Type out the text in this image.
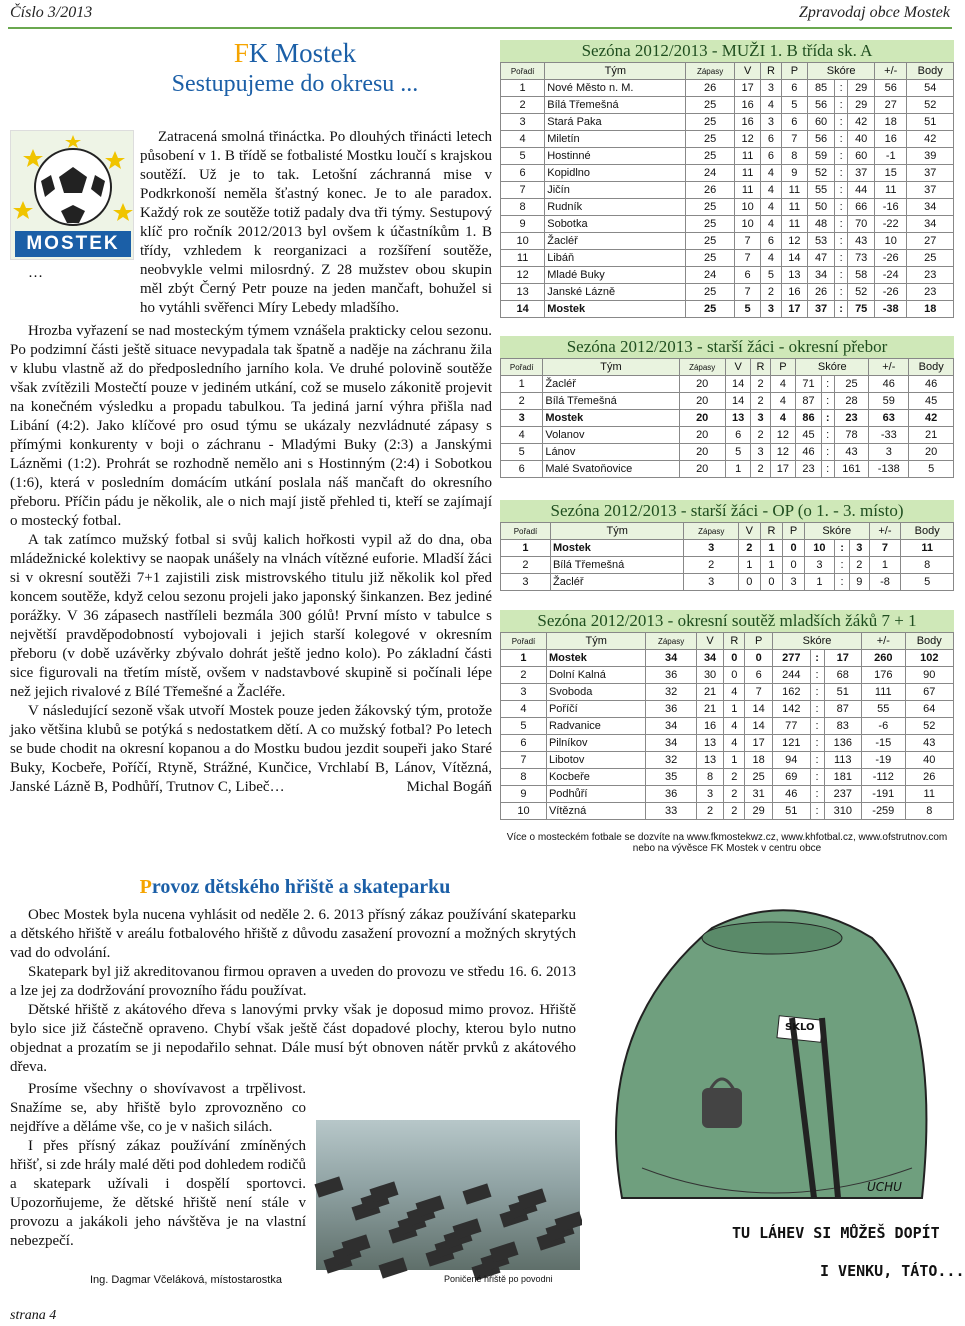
Číslo 3/2013	Zpravodaj obce Mostek
FK Mostek
Sestupujeme do okresu ...
MOSTEK

Zatracená smolná třináctka. Po dlouhých třinácti letech působení v 1. B třídě se fotbalisté Mostku loučí s krajskou soutěží. Už je to tak. Letošní záchranná mise v Podkrkonoší neměla šťastný konec. Je to ale paradox. Každý rok ze soutěže totiž padaly dva tři týmy. Sestupový klíč pro ročník 2012/2013 byl ovšem k účastníkům 1. B třídy, vzhledem k reorganizaci a rozšíření soutěže, neobvykle velmi milosrdný. Z 28 mužstev obou skupin měl zbýt Černý Petr pouze na jeden mančaft, bohužel si ho vytáhli svěřenci Míry Lebedy mladšího.

…

Hrozba vyřazení se nad mosteckým týmem vznášela prakticky celou sezonu. Po podzimní části ještě situace nevypadala tak špatně a naděje na záchranu žila v klubu vlastně až do předposledního jarního kola. Ve druhé polovině soutěže však zvítězili Mostečtí pouze v jediném utkání, což se muselo zákonitě projevit na konečném výsledku a propadu tabulkou. Ta jediná jarní výhra přišla nad Libání (4:2). Jako klíčové pro osud týmu se ukázaly nezvládnuté zápasy s přímými konkurenty v boji o záchranu - Mladými Buky (2:3) a Janskými Lázněmi (1:2). Prohrát se rozhodně nemělo ani s Hostinným (2:4) i Sobotkou (1:6), která v posledním domácím utkání poslala náš mančaft do okresního přeboru. Příčin pádu je několik, ale o nich mají jistě přehled ti, kteří se zajímají o mostecký fotbal.

A tak zatímco mužský fotbal si svůj kalich hořkosti vypil až do dna, oba mládežnické kolektivy se naopak unášely na vlnách vítězné euforie. Mladší žáci si v okresní soutěži 7+1 zajistili zisk mistrovského titulu již několik kol před koncem soutěže, když celou sezonu projeli jako japonský šinkanzen. Bez jediné porážky. V 36 zápasech nastříleli bezmála 300 gólů! První místo v tabulce s největší pravděpodobností vybojovali i jejich starší kolegové v okresním přeboru (v době uzávěrky zbývalo dohrát ještě jedno kolo). Po základní části sice figurovali na třetím místě, ovšem v nadstavbové skupině si počínali lépe než jejich rivalové z Bílé Třemešné a Žacléře.

V následující sezoně však utvoří Mostek pouze jeden žákovský tým, protože jako většina klubů se potýká s nedostatkem dětí. A co mužský fotbal? Po letech se bude chodit na okresní kopanou a do Mostku budou jezdit soupeři jako Staré Buky, Kocbeře, Poříčí, Rtyně, Strážné, Kunčice, Vrchlabí B, Lánov, Vítězná, Janské Lázně B, Podhůří, Trutnov C, Libeč…	Michal Bogáň
Sezóna 2012/2013 - MUŽI 1. B třída sk. A
Pořadí	Tým	Zápasy	V	R	P	Skóre			+/-	Body
1	Nové Město n. M.	26	17	3	6	85	:	29	56	54
2	Bílá Třemešná	25	16	4	5	56	:	29	27	52
3	Stará Paka	25	16	3	6	60	:	42	18	51
4	Miletín	25	12	6	7	56	:	40	16	42
5	Hostinné	25	11	6	8	59	:	60	-1	39
6	Kopidlno	24	11	4	9	52	:	37	15	37
7	Jičín	26	11	4	11	55	:	44	11	37
8	Rudník	25	10	4	11	50	:	66	-16	34
9	Sobotka	25	10	4	11	48	:	70	-22	34
10	Žacléř	25	7	6	12	53	:	43	10	27
11	Libáň	25	7	4	14	47	:	73	-26	25
12	Mladé Buky	24	6	5	13	34	:	58	-24	23
13	Janské Lázně	25	7	2	16	26	:	52	-26	23
14	Mostek	25	5	3	17	37	:	75	-38	18
Sezóna 2012/2013 - starší žáci - okresní přebor
Pořadí	Tým	Zápasy	V	R	P	Skóre			+/-	Body
1	Žacléř	20	14	2	4	71	:	25	46	46
2	Bílá Třemešná	20	14	2	4	87	:	28	59	45
3	Mostek	20	13	3	4	86	:	23	63	42
4	Volanov	20	6	2	12	45	:	78	-33	21
5	Lánov	20	5	3	12	46	:	43	3	20
6	Malé Svatoňovice	20	1	2	17	23	:	161	-138	5
Sezóna 2012/2013 - starší žáci - OP (o 1. - 3. místo)
Pořadí	Tým	Zápasy	V	R	P	Skóre			+/-	Body
1	Mostek	3	2	1	0	10	:	3	7	11
2	Bílá Třemešná	2	1	1	0	3	:	2	1	8
3	Žacléř	3	0	0	3	1	:	9	-8	5
Sezóna 2012/2013 - okresní soutěž mladších žáků 7 + 1
Pořadí	Tým	Zápasy	V	R	P	Skóre			+/-	Body
1	Mostek	34	34	0	0	277	:	17	260	102
2	Dolní Kalná	36	30	0	6	244	:	68	176	90
3	Svoboda	32	21	4	7	162	:	51	111	67
4	Poříčí	36	21	1	14	142	:	87	55	64
5	Radvanice	34	16	4	14	77	:	83	-6	52
6	Pilníkov	34	13	4	17	121	:	136	-15	43
7	Libotov	32	13	1	18	94	:	113	-19	40
8	Kocbeře	35	8	2	25	69	:	181	-112	26
9	Podhůří	36	3	2	31	46	:	237	-191	11
10	Vítězná	33	2	2	29	51	:	310	-259	8
Více o mosteckém fotbale se dozvíte na www.fkmostekwz.cz, www.khfotbal.cz, www.ofstrutnov.com nebo na vývěsce FK Mostek v centru obce
Provoz dětského hřiště a skateparku

Obec Mostek byla nucena vyhlásit od neděle 2. 6. 2013 přísný zákaz používání skateparku a dětského hřiště v areálu fotbalového hřiště z důvodu zasažení provozní a možných skrytých vad do odvolání.

Skatepark byl již akreditovanou firmou opraven a uveden do provozu ve středu 16. 6. 2013 a lze jej za dodržování provozního řádu používat.

Dětské hřiště z akátového dřeva s lanovými prvky však je doposud mimo provoz. Hřiště bylo sice již částečně opraveno. Chybí však ještě část dopadové plochy, kterou bylo nutno objednat a prozatím se ji nepodařilo sehnat. Dále musí být obnoven nátěr prvků z akátového dřeva.

Prosíme všechny o shovívavost a trpělivost. Snažíme se, aby hřiště bylo zprovozněno co nejdříve a děláme vše, co je v našich silách.

I přes přísný zákaz používání zmíněných hřišť, si zde hrály malé děti pod dohledem rodičů a skatepark užívali i dospělí sportovci. Upozorňujeme, že dětské hřiště není stále v provozu a jakákoli jeho návštěva je na vlastní nebezpečí.

Ing. Dagmar Včeláková, místostarostka	Poničené hřiště po povodni
SKLO
UCHU
TU LÁHEV SI MŮŽEŠ DOPÍT
I VENKU, TÁTO...
strana 4
